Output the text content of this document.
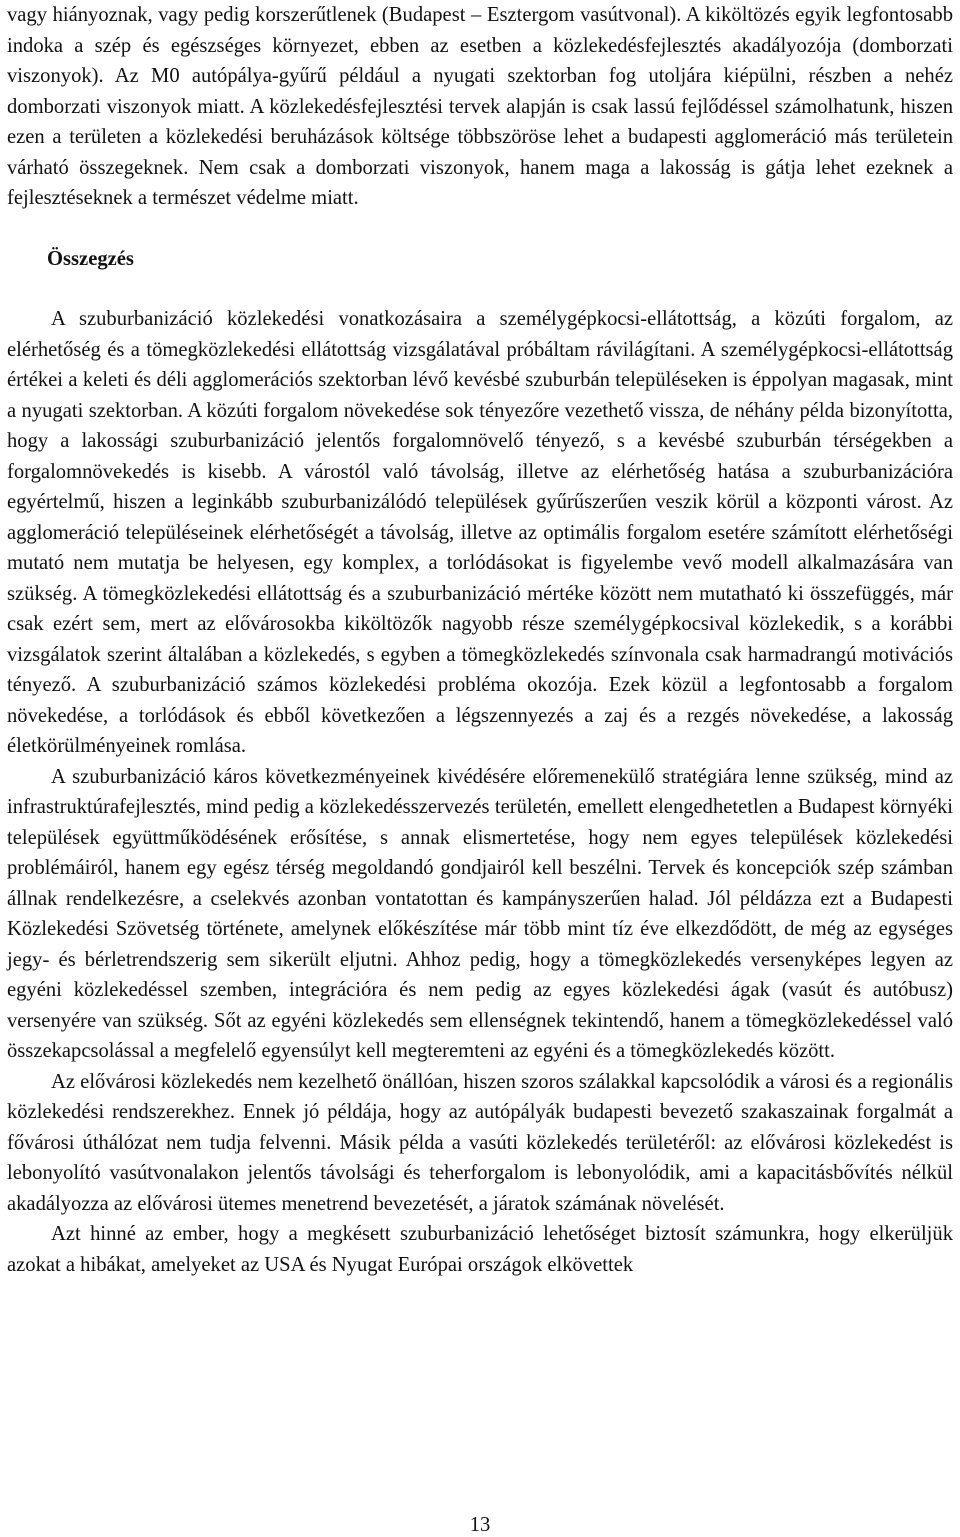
vagy hiányoznak, vagy pedig korszerűtlenek (Budapest – Esztergom vasútvonal). A kiköltözés egyik legfontosabb indoka a szép és egészséges környezet, ebben az esetben a közlekedésfejlesztés akadályozója (domborzati viszonyok). Az M0 autópálya-gyűrű például a nyugati szektorban fog utoljára kiépülni, részben a nehéz domborzati viszonyok miatt. A közlekedésfejlesztési tervek alapján is csak lassú fejlődéssel számolhatunk, hiszen ezen a területen a közlekedési beruházások költsége többszöröse lehet a budapesti agglomeráció más területein várható összegeknek. Nem csak a domborzati viszonyok, hanem maga a lakosság is gátja lehet ezeknek a fejlesztéseknek a természet védelme miatt.

Összegzés

A szuburbanizáció közlekedési vonatkozásaira a személygépkocsi-ellátottság, a közúti forgalom, az elérhetőség és a tömegközlekedési ellátottság vizsgálatával próbáltam rávilágítani. A személygépkocsi-ellátottság értékei a keleti és déli agglomerációs szektorban lévő kevésbé szuburbán településeken is éppolyan magasak, mint a nyugati szektorban. A közúti forgalom növekedése sok tényezőre vezethető vissza, de néhány példa bizonyította, hogy a lakossági szuburbanizáció jelentős forgalomnövelő tényező, s a kevésbé szuburbán térségekben a forgalomnövekedés is kisebb. A várostól való távolság, illetve az elérhetőség hatása a szuburbanizációra egyértelmű, hiszen a leginkább szuburbanizálódó települések gyűrűszerűen veszik körül a központi várost. Az agglomeráció településeinek elérhetőségét a távolság, illetve az optimális forgalom esetére számított elérhetőségi mutató nem mutatja be helyesen, egy komplex, a torlódásokat is figyelembe vevő modell alkalmazására van szükség. A tömegközlekedési ellátottság és a szuburbanizáció mértéke között nem mutatható ki összefüggés, már csak ezért sem, mert az elővárosokba kiköltözők nagyobb része személygépkocsival közlekedik, s a korábbi vizsgálatok szerint általában a közlekedés, s egyben a tömegközlekedés színvonala csak harmadrangú motivációs tényező. A szuburbanizáció számos közlekedési probléma okozója. Ezek közül a legfontosabb a forgalom növekedése, a torlódások és ebből következően a légszennyezés a zaj és a rezgés növekedése, a lakosság életkörülményeinek romlása.

A szuburbanizáció káros következményeinek kivédésére előremenekülő stratégiára lenne szükség, mind az infrastruktúrafejlesztés, mind pedig a közlekedésszervezés területén, emellett elengedhetetlen a Budapest környéki települések együttműködésének erősítése, s annak elismertetése, hogy nem egyes települések közlekedési problémáiról, hanem egy egész térség megoldandó gondjairól kell beszélni. Tervek és koncepciók szép számban állnak rendelkezésre, a cselekvés azonban vontatottan és kampányszerűen halad. Jól példázza ezt a Budapesti Közlekedési Szövetség története, amelynek előkészítése már több mint tíz éve elkezdődött, de még az egységes jegy- és bérletrendszerig sem sikerült eljutni. Ahhoz pedig, hogy a tömegközlekedés versenyképes legyen az egyéni közlekedéssel szemben, integrációra és nem pedig az egyes közlekedési ágak (vasút és autóbusz) versenyére van szükség. Sőt az egyéni közlekedés sem ellenségnek tekintendő, hanem a tömegközlekedéssel való összekapcsolással a megfelelő egyensúlyt kell megteremteni az egyéni és a tömegközlekedés között.

Az elővárosi közlekedés nem kezelhető önállóan, hiszen szoros szálakkal kapcsolódik a városi és a regionális közlekedési rendszerekhez. Ennek jó példája, hogy az autópályák budapesti bevezető szakaszainak forgalmát a fővárosi úthálózat nem tudja felvenni. Másik példa a vasúti közlekedés területéről: az elővárosi közlekedést is lebonyolító vasútvonalakon jelentős távolsági és teherforgalom is lebonyolódik, ami a kapacitásbővítés nélkül akadályozza az elővárosi ütemes menetrend bevezetését, a járatok számának növelését.

Azt hinné az ember, hogy a megkésett szuburbanizáció lehetőséget biztosít számunkra, hogy elkerüljük azokat a hibákat, amelyeket az USA és Nyugat Európai országok elkövettek

13
